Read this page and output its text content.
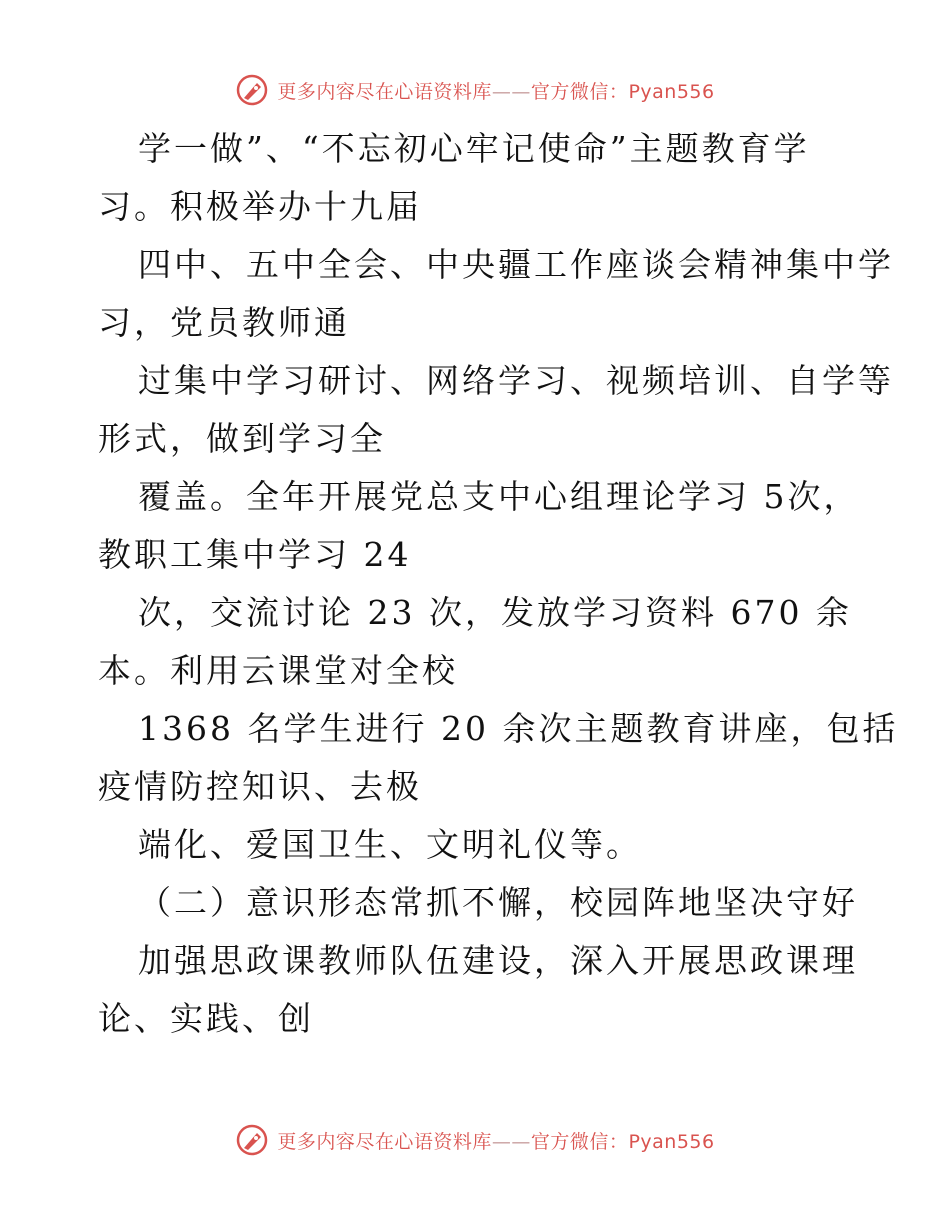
更多内容尽在心语资料库——官方微信：Pyan556
学一做”、“不忘初心牢记使命”主题教育学
习。积极举办十九届
四中、五中全会、中央疆工作座谈会精神集中学
习，党员教师通
过集中学习研讨、网络学习、视频培训、自学等
形式，做到学习全
覆盖。全年开展党总支中心组理论学习 5次，
教职工集中学习 24
次，交流讨论 23 次，发放学习资料 670 余
本。利用云课堂对全校
1368 名学生进行 20 余次主题教育讲座，包括
疫情防控知识、去极
端化、爱国卫生、文明礼仪等。
（二）意识形态常抓不懈，校园阵地坚决守好
加强思政课教师队伍建设，深入开展思政课理
论、实践、创
更多内容尽在心语资料库——官方微信：Pyan556
